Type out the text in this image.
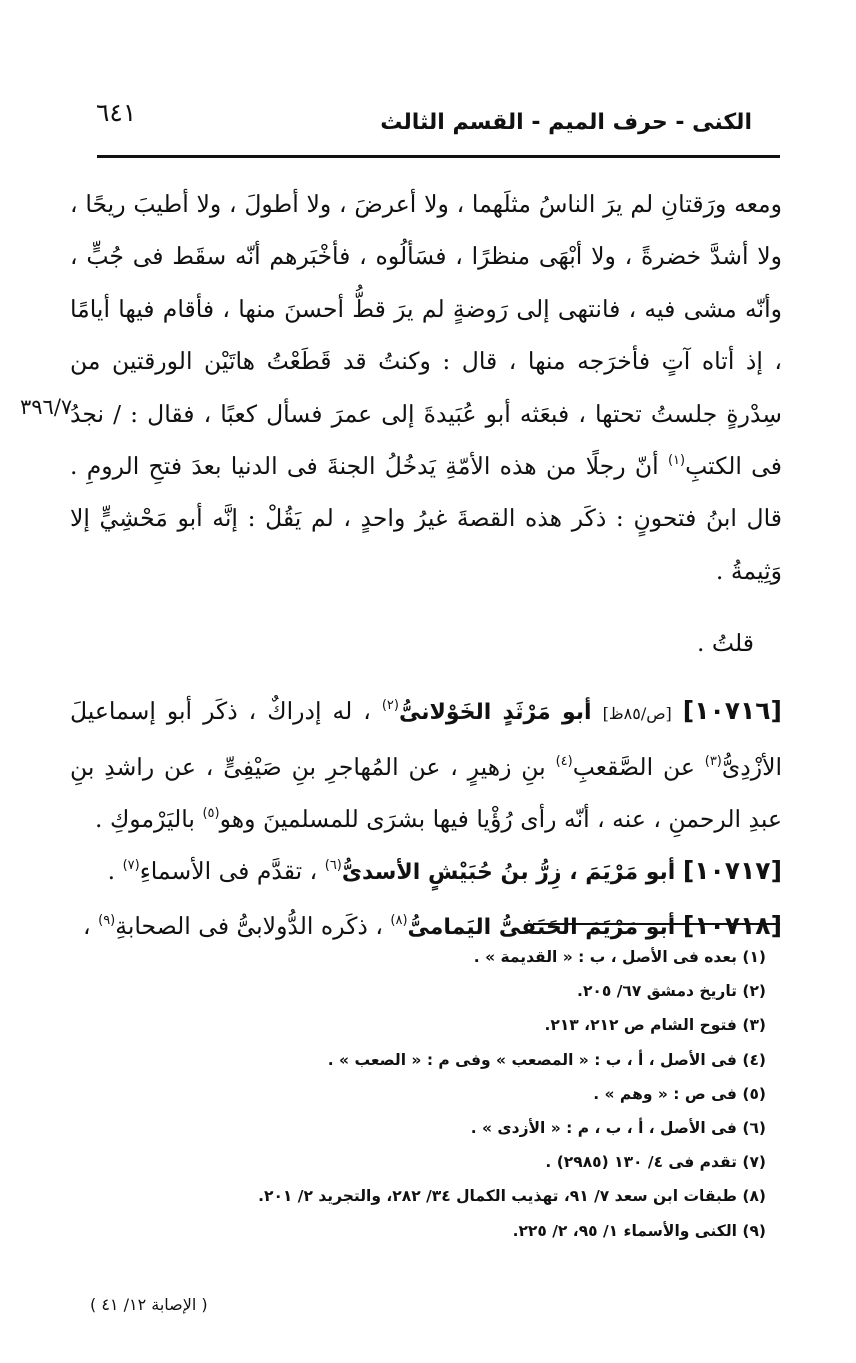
٦٤١	الكنى - حرف الميم - القسم الثالث
٣٩٦/٧

ومعه ورَقتانِ لم يرَ الناسُ مثلَهما ، ولا أعرضَ ، ولا أطولَ ، ولا أطيبَ ريحًا ، ولا أشدَّ خضرةً ، ولا أبْهَى منظرًا ، فسَألُوه ، فأخْبَرهم أنّه سقَط فى جُبٍّ ، وأنّه مشى فيه ، فانتهى إلى رَوضةٍ لم يرَ قطُّ أحسنَ منها ، فأقام فيها أيامًا ، إذ أتاه آتٍ فأخرَجه منها ، قال : وكنتُ قد قَطَعْتُ هاتَيْن الورقتين من سِدْرةٍ جلستُ تحتها ، فبعَثه أبو عُبَيدةَ إلى عمرَ فسأل كعبًا ، فقال : / نجدُ فى الكتبِ$^{(١)}$ أنّ رجلًا من هذه الأمّةِ يَدخُلُ الجنةَ فى الدنيا بعدَ فتحِ الرومِ . قال ابنُ فتحونٍ : ذكَر هذه القصةَ غيرُ واحدٍ ، لم يَقُلْ : إنَّه أبو مَحْشِيٍّ إلا وَثِيمةُ .

قلتُ .

[١٠٧١٦] [ص/٨٥ظ] أبو مَرْثَدٍ الخَوْلانىُّ$^{(٢)}$ ، له إدراكٌ ، ذكَر أبو إسماعيلَ الأزْدِىُّ$^{(٣)}$ عن الصَّقعبِ$^{(٤)}$ بنِ زهيرٍ ، عن المُهاجرِ بنِ صَيْفِىٍّ ، عن راشدِ بنِ عبدِ الرحمنِ ، عنه ، أنّه رأى رُؤْيا فيها بشرَى للمسلمينَ وهو$^{(٥)}$ باليَرْموكِ .

[١٠٧١٧] أبو مَرْيَمَ ، زِرُّ بنُ حُبَيْشٍ الأسدىُّ$^{(٦)}$ ، تقدَّم فى الأسماءِ$^{(٧)}$ .

[١٠٧١٨] أبو مَرْيَمَ الحَنَفىُّ اليَمامىُّ$^{(٨)}$ ، ذكَره الدُّولابىُّ فى الصحابةِ$^{(٩)}$ ،

(١) بعده فى الأصل ، ب : « القديمة » .
(٢) تاريخ دمشق ٦٧/ ٢٠٥.
(٣) فتوح الشام ص ٢١٢، ٢١٣.
(٤) فى الأصل ، أ ، ب : « المصعب » وفى م : « الصعب » .
(٥) فى ص : « وهم » .
(٦) فى الأصل ، أ ، ب ، م : « الأزدى » .
(٧) تقدم فى ٤/ ١٣٠ (٢٩٨٥) .
(٨) طبقات ابن سعد ٧/ ٩١، تهذيب الكمال ٣٤/ ٢٨٢، والتجريد ٢/ ٢٠١.
(٩) الكنى والأسماء ١/ ٩٥، ٢/ ٢٢٥.
( الإصابة ١٢/ ٤١ )
